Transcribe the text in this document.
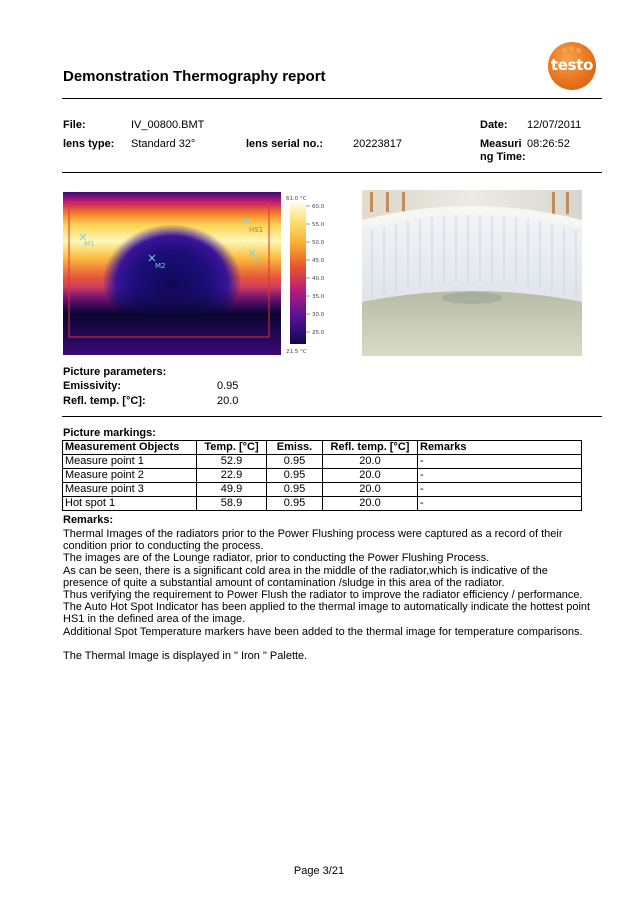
testo
Demonstration Thermography report
File:	IV_00800.BMT	Date: 12/07/2011
lens type: Standard 32°	lens serial no.:	20223817	Measuri
ng Time:
08:26:52
HS1
M1
M2
M3
61.0 °C
60.0
55.0
50.0
45.0
40.0
35.0
30.0
25.0
21.5 °C
Picture parameters:
Emissivity:	0.95
Refl. temp. [°C]:	20.0
Picture markings:
Measurement Objects	Temp. [°C]	Emiss.	Refl. temp. [°C]	Remarks
Measure point 1	52.9	0.95	20.0	-
Measure point 2	22.9	0.95	20.0	-
Measure point 3	49.9	0.95	20.0	-
Hot spot 1	58.9	0.95	20.0	-
Remarks:

Thermal Images of the radiators prior to the Power Flushing process were captured as a record of their

condition prior to conducting the process.

The images are of the Lounge radiator, prior to conducting the Power Flushing Process.

As can be seen, there is a significant cold area in the middle of the radiator,which is indicative of the

presence of quite a substantial amount of contamination /sludge in this area of the radiator.

Thus verifying the requirement to Power Flush the radiator to improve the radiator efficiency / performance.

The Auto Hot Spot Indicator has been applied to the thermal image to automatically indicate the hottest point

HS1 in the defined area of the image.

Additional Spot Temperature markers have been added to the thermal image for temperature comparisons.

The Thermal Image is displayed in " Iron " Palette.

Page 3/21
